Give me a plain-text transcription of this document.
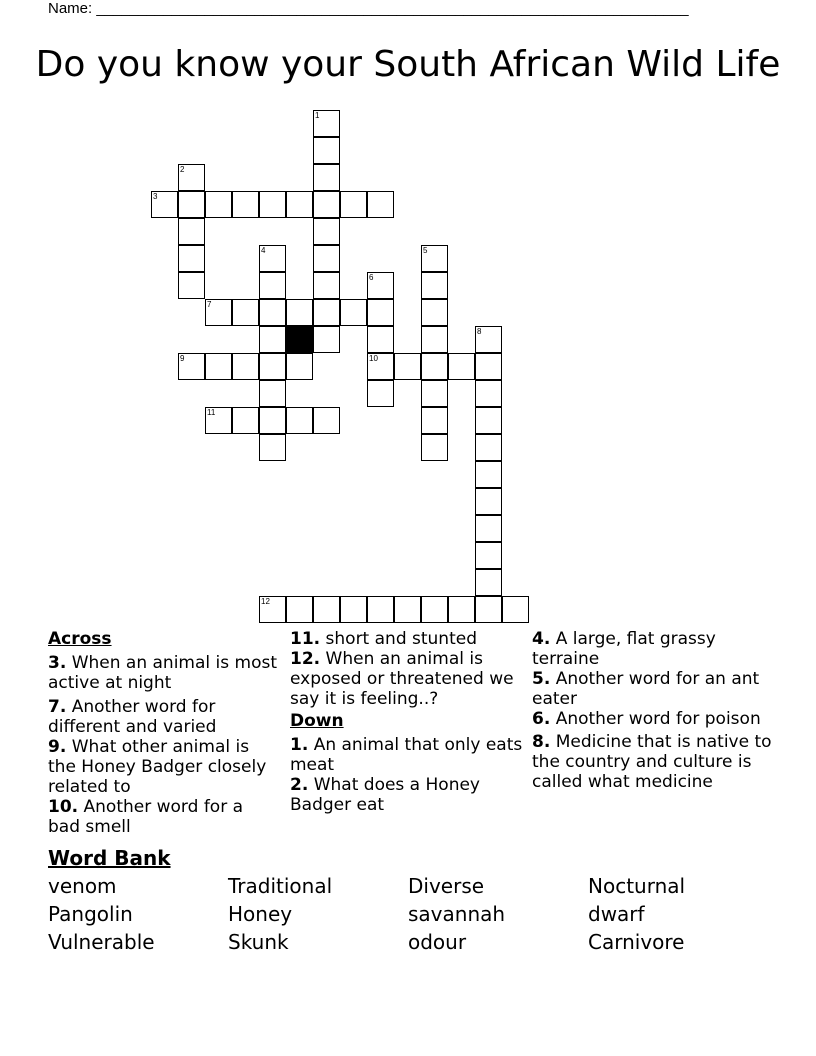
Name: _______________________________________________________________________
Do you know your South African Wild Life
1
2
3
4	5
6
10
7
8
9
11
12
Across
3. When an animal is most active at night
7. Another word for different and varied
9. What other animal is the Honey Badger closely related to
10. Another word for a bad smell
11. short and stunted
12. When an animal is exposed or threatened we say it is feeling..?
Down
1. An animal that only eats meat
2. What does a Honey Badger eat
4. A large, flat grassy terraine
5. Another word for an ant eater
6. Another word for poison
8. Medicine that is native to the country and culture is called what medicine
Word Bank
venom	Traditional	Diverse	Nocturnal
Pangolin	Honey	savannah	dwarf
Vulnerable	Skunk	odour	Carnivore
